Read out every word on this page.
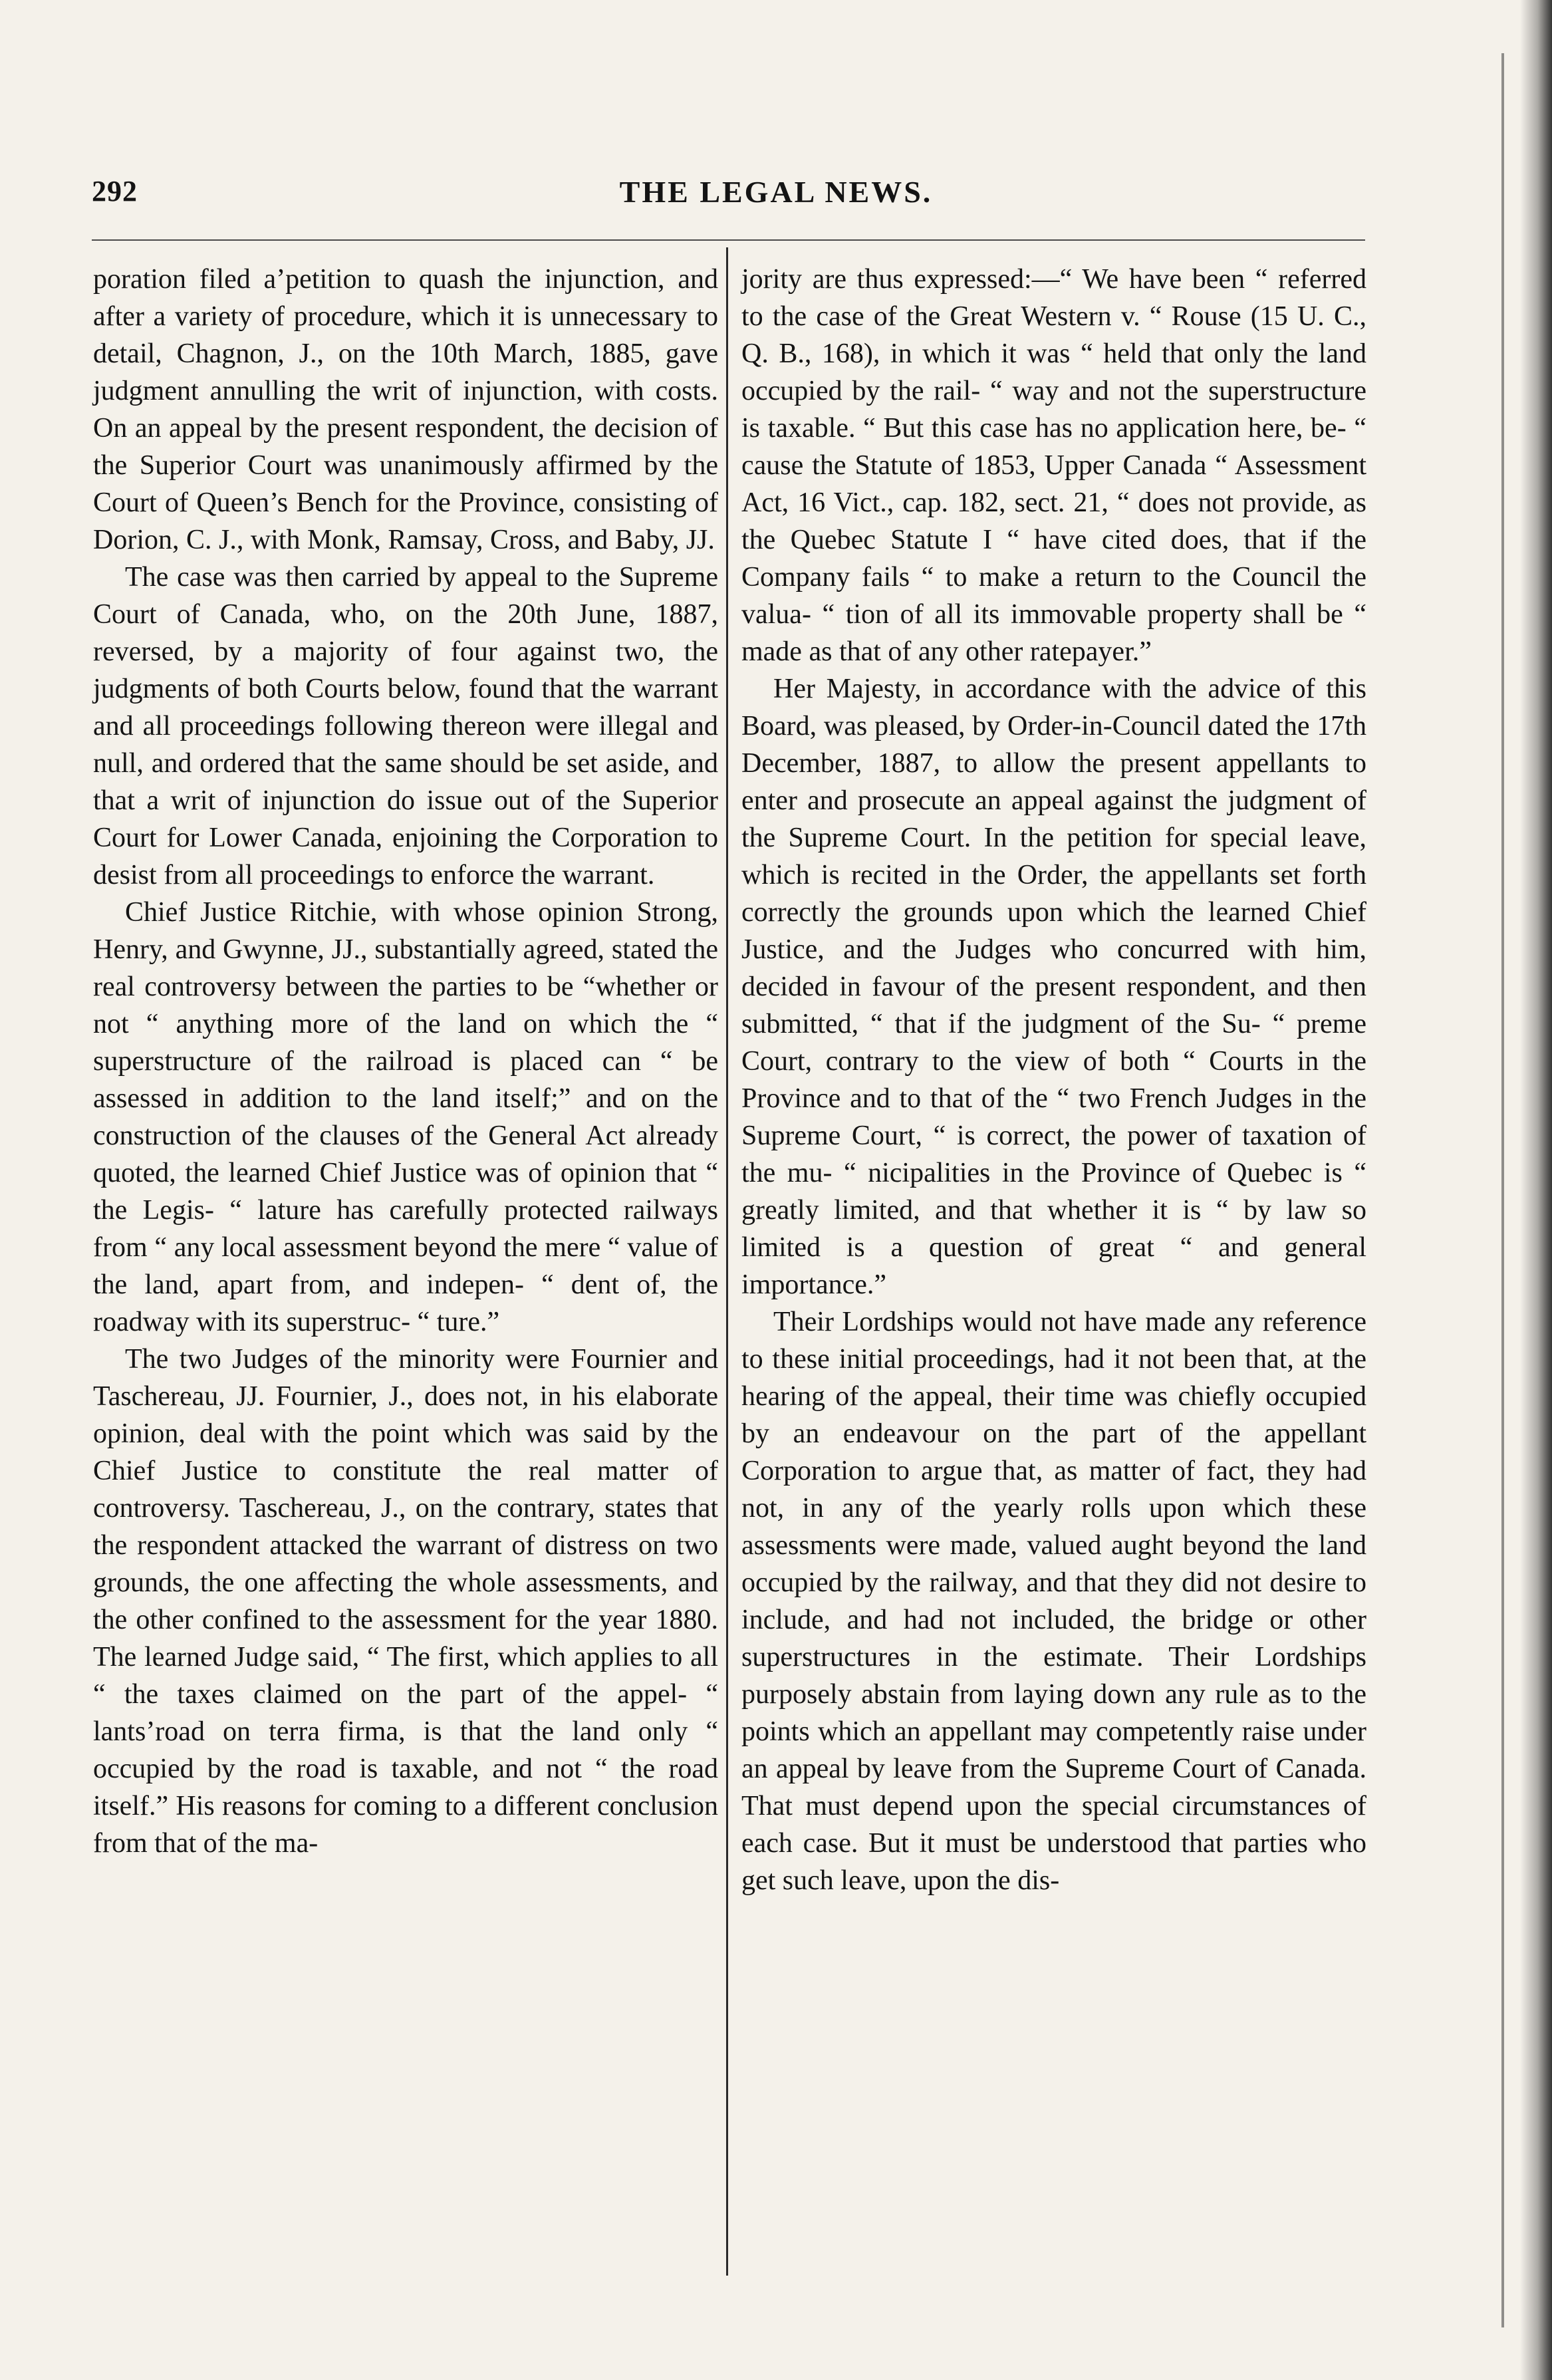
292	THE LEGAL NEWS.

poration filed a’petition to quash the injunction, and after a variety of procedure, which it is unnecessary to detail, Chagnon, J., on the 10th March, 1885, gave judgment annulling the writ of injunction, with costs. On an appeal by the present respondent, the decision of the Superior Court was unanimously affirmed by the Court of Queen’s Bench for the Province, consisting of Dorion, C. J., with Monk, Ramsay, Cross, and Baby, JJ.

The case was then carried by appeal to the Supreme Court of Canada, who, on the 20th June, 1887, reversed, by a majority of four against two, the judgments of both Courts below, found that the warrant and all proceedings following thereon were illegal and null, and ordered that the same should be set aside, and that a writ of injunction do issue out of the Superior Court for Lower Canada, enjoining the Corporation to desist from all proceedings to enforce the warrant.

Chief Justice Ritchie, with whose opinion Strong, Henry, and Gwynne, JJ., substantially agreed, stated the real controversy between the parties to be “whether or not “ anything more of the land on which the “ superstructure of the railroad is placed can “ be assessed in addition to the land itself;” and on the construction of the clauses of the General Act already quoted, the learned Chief Justice was of opinion that “ the Legis- “ lature has carefully protected railways from “ any local assessment beyond the mere “ value of the land, apart from, and indepen- “ dent of, the roadway with its superstruc- “ ture.”

The two Judges of the minority were Fournier and Taschereau, JJ. Fournier, J., does not, in his elaborate opinion, deal with the point which was said by the Chief Justice to constitute the real matter of controversy. Taschereau, J., on the contrary, states that the respondent attacked the warrant of distress on two grounds, the one affecting the whole assessments, and the other confined to the assessment for the year 1880. The learned Judge said, “ The first, which applies to all “ the taxes claimed on the part of the appel- “ lants’road on terra firma, is that the land only “ occupied by the road is taxable, and not “ the road itself.” His reasons for coming to a different conclusion from that of the ma-

jority are thus expressed:—“ We have been “ referred to the case of the Great Western v. “ Rouse (15 U. C., Q. B., 168), in which it was “ held that only the land occupied by the rail- “ way and not the superstructure is taxable. “ But this case has no application here, be- “ cause the Statute of 1853, Upper Canada “ Assessment Act, 16 Vict., cap. 182, sect. 21, “ does not provide, as the Quebec Statute I “ have cited does, that if the Company fails “ to make a return to the Council the valua- “ tion of all its immovable property shall be “ made as that of any other ratepayer.”

Her Majesty, in accordance with the advice of this Board, was pleased, by Order-in-Council dated the 17th December, 1887, to allow the present appellants to enter and prosecute an appeal against the judgment of the Supreme Court. In the petition for special leave, which is recited in the Order, the appellants set forth correctly the grounds upon which the learned Chief Justice, and the Judges who concurred with him, decided in favour of the present respondent, and then submitted, “ that if the judgment of the Su- “ preme Court, contrary to the view of both “ Courts in the Province and to that of the “ two French Judges in the Supreme Court, “ is correct, the power of taxation of the mu- “ nicipalities in the Province of Quebec is “ greatly limited, and that whether it is “ by law so limited is a question of great “ and general importance.”

Their Lordships would not have made any reference to these initial proceedings, had it not been that, at the hearing of the appeal, their time was chiefly occupied by an endeavour on the part of the appellant Corporation to argue that, as matter of fact, they had not, in any of the yearly rolls upon which these assessments were made, valued aught beyond the land occupied by the railway, and that they did not desire to include, and had not included, the bridge or other superstructures in the estimate. Their Lordships purposely abstain from laying down any rule as to the points which an appellant may competently raise under an appeal by leave from the Supreme Court of Canada. That must depend upon the special circumstances of each case. But it must be understood that parties who get such leave, upon the dis-
